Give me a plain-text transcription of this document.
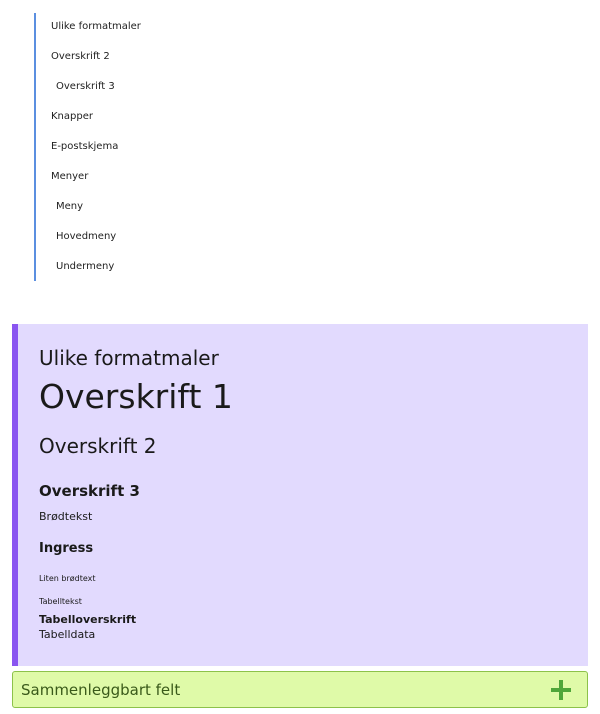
Ulike formatmaler
Overskrift 2
Overskrift 3
Knapper
E-postskjema
Menyer
Meny
Hovedmeny
Undermeny
Ulike formatmaler
Overskrift 1
Overskrift 2
Overskrift 3
Brødtekst
Ingress
Liten brødtext
Tabelltekst
Tabelloverskrift
Tabelldata
Sammenleggbart felt
